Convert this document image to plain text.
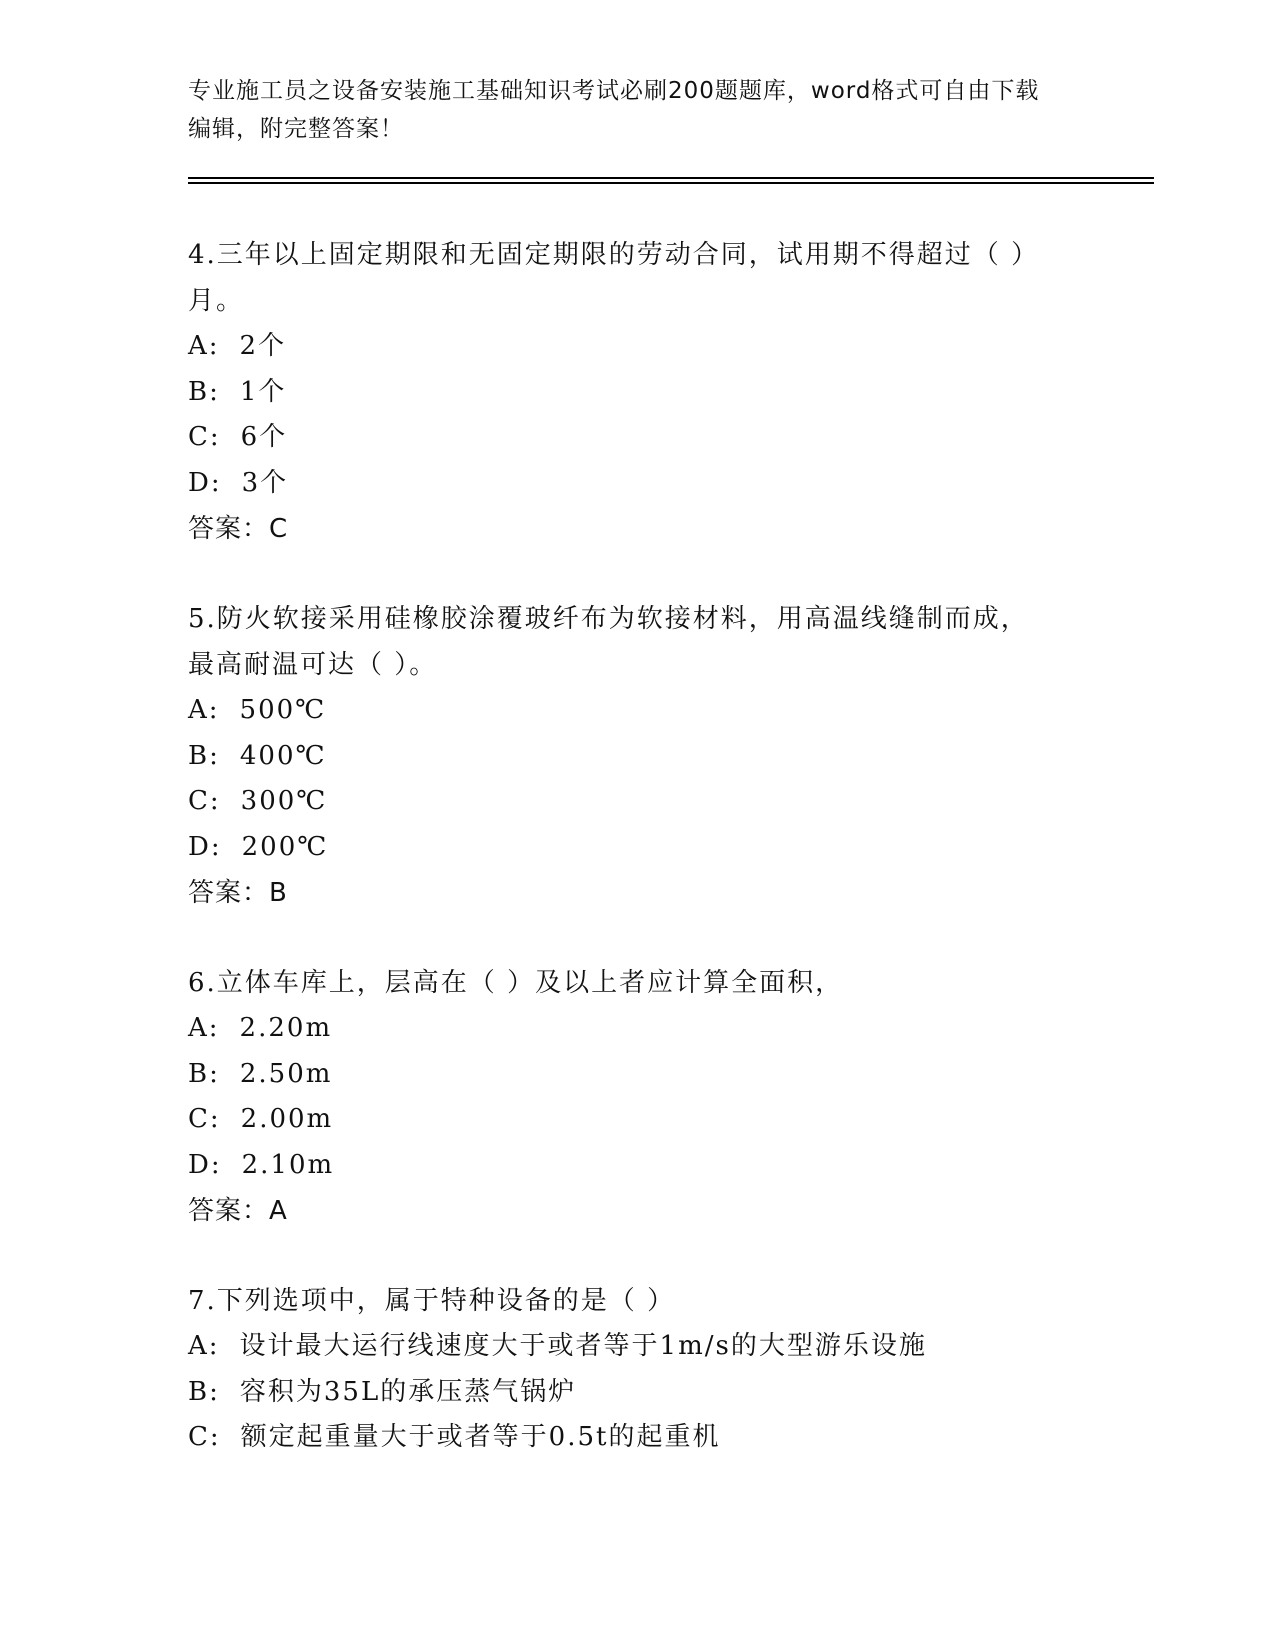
专业施工员之设备安装施工基础知识考试必刷200题题库，word格式可自由下载
编辑，附完整答案！

4.三年以上固定期限和无固定期限的劳动合同，试用期不得超过（ ）

月。

A: 2个

B: 1个

C: 6个

D: 3个

答案：C

5.防火软接采用硅橡胶涂覆玻纤布为软接材料，用高温线缝制而成，

最高耐温可达（ ）。

A: 500℃

B: 400℃

C: 300℃

D: 200℃

答案：B

6.立体车库上，层高在（ ）及以上者应计算全面积，

A: 2.20m

B: 2.50m

C: 2.00m

D: 2.10m

答案：A

7.下列选项中，属于特种设备的是（ ）

A: 设计最大运行线速度大于或者等于1m/s的大型游乐设施

B: 容积为35L的承压蒸气锅炉

C: 额定起重量大于或者等于0.5t的起重机
